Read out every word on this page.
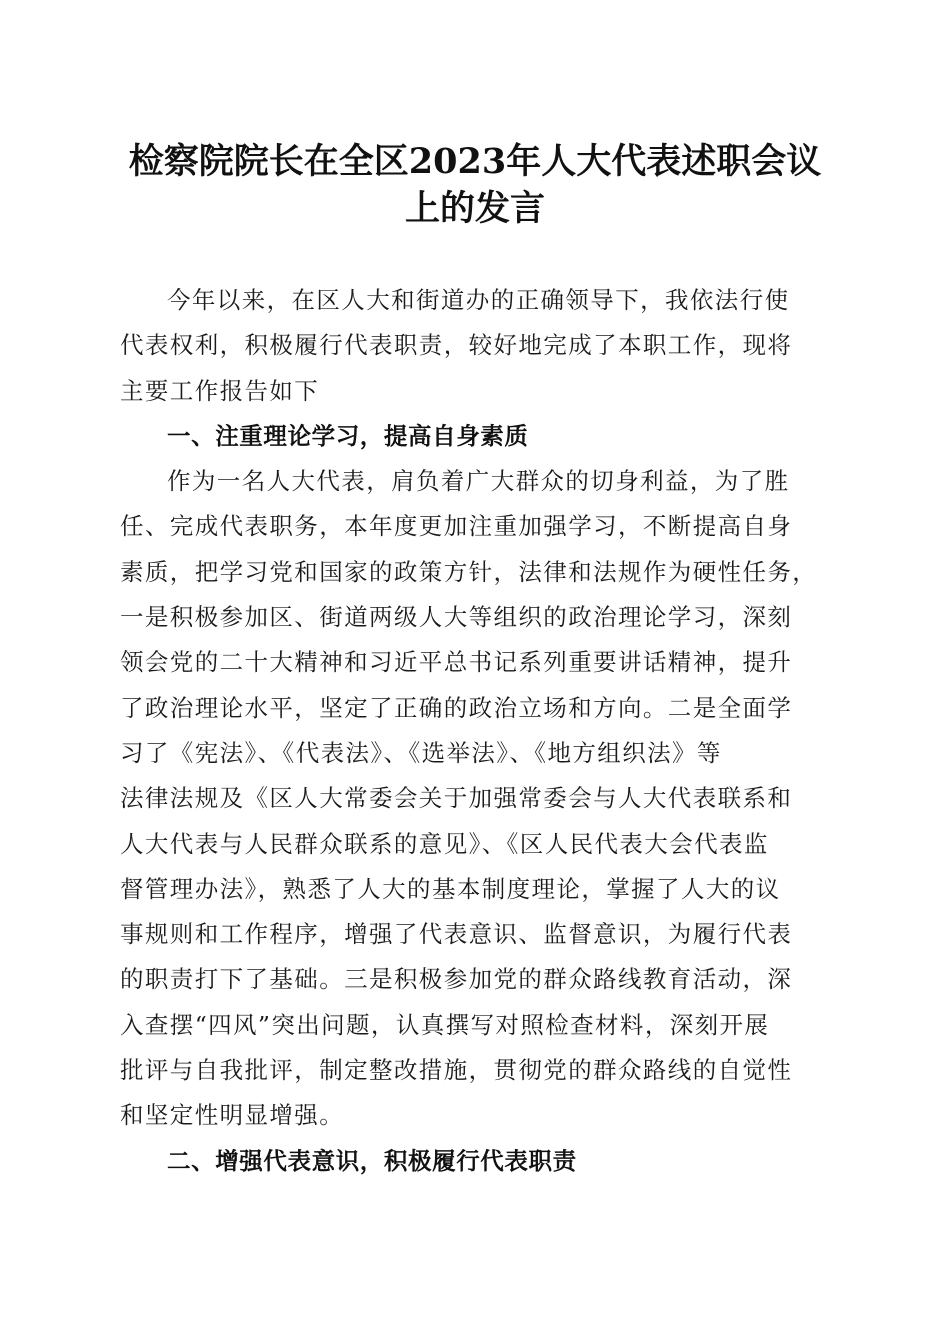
检察院院长在全区2023年人大代表述职会议
上的发言
今年以来，在区人大和街道办的正确领导下，我依法行使
代表权利，积极履行代表职责，较好地完成了本职工作，现将
主要工作报告如下
一、注重理论学习，提高自身素质
作为一名人大代表，肩负着广大群众的切身利益，为了胜
任、完成代表职务，本年度更加注重加强学习，不断提高自身
素质，把学习党和国家的政策方针，法律和法规作为硬性任务，
一是积极参加区、街道两级人大等组织的政治理论学习，深刻
领会党的二十大精神和习近平总书记系列重要讲话精神，提升
了政治理论水平，坚定了正确的政治立场和方向。二是全面学
习了《宪法》、《代表法》、《选举法》、《地方组织法》等
法律法规及《区人大常委会关于加强常委会与人大代表联系和
人大代表与人民群众联系的意见》、《区人民代表大会代表监
督管理办法》，熟悉了人大的基本制度理论，掌握了人大的议
事规则和工作程序，增强了代表意识、监督意识，为履行代表
的职责打下了基础。三是积极参加党的群众路线教育活动，深
入查摆“四风”突出问题，认真撰写对照检查材料，深刻开展
批评与自我批评，制定整改措施，贯彻党的群众路线的自觉性
和坚定性明显增强。
二、增强代表意识，积极履行代表职责
